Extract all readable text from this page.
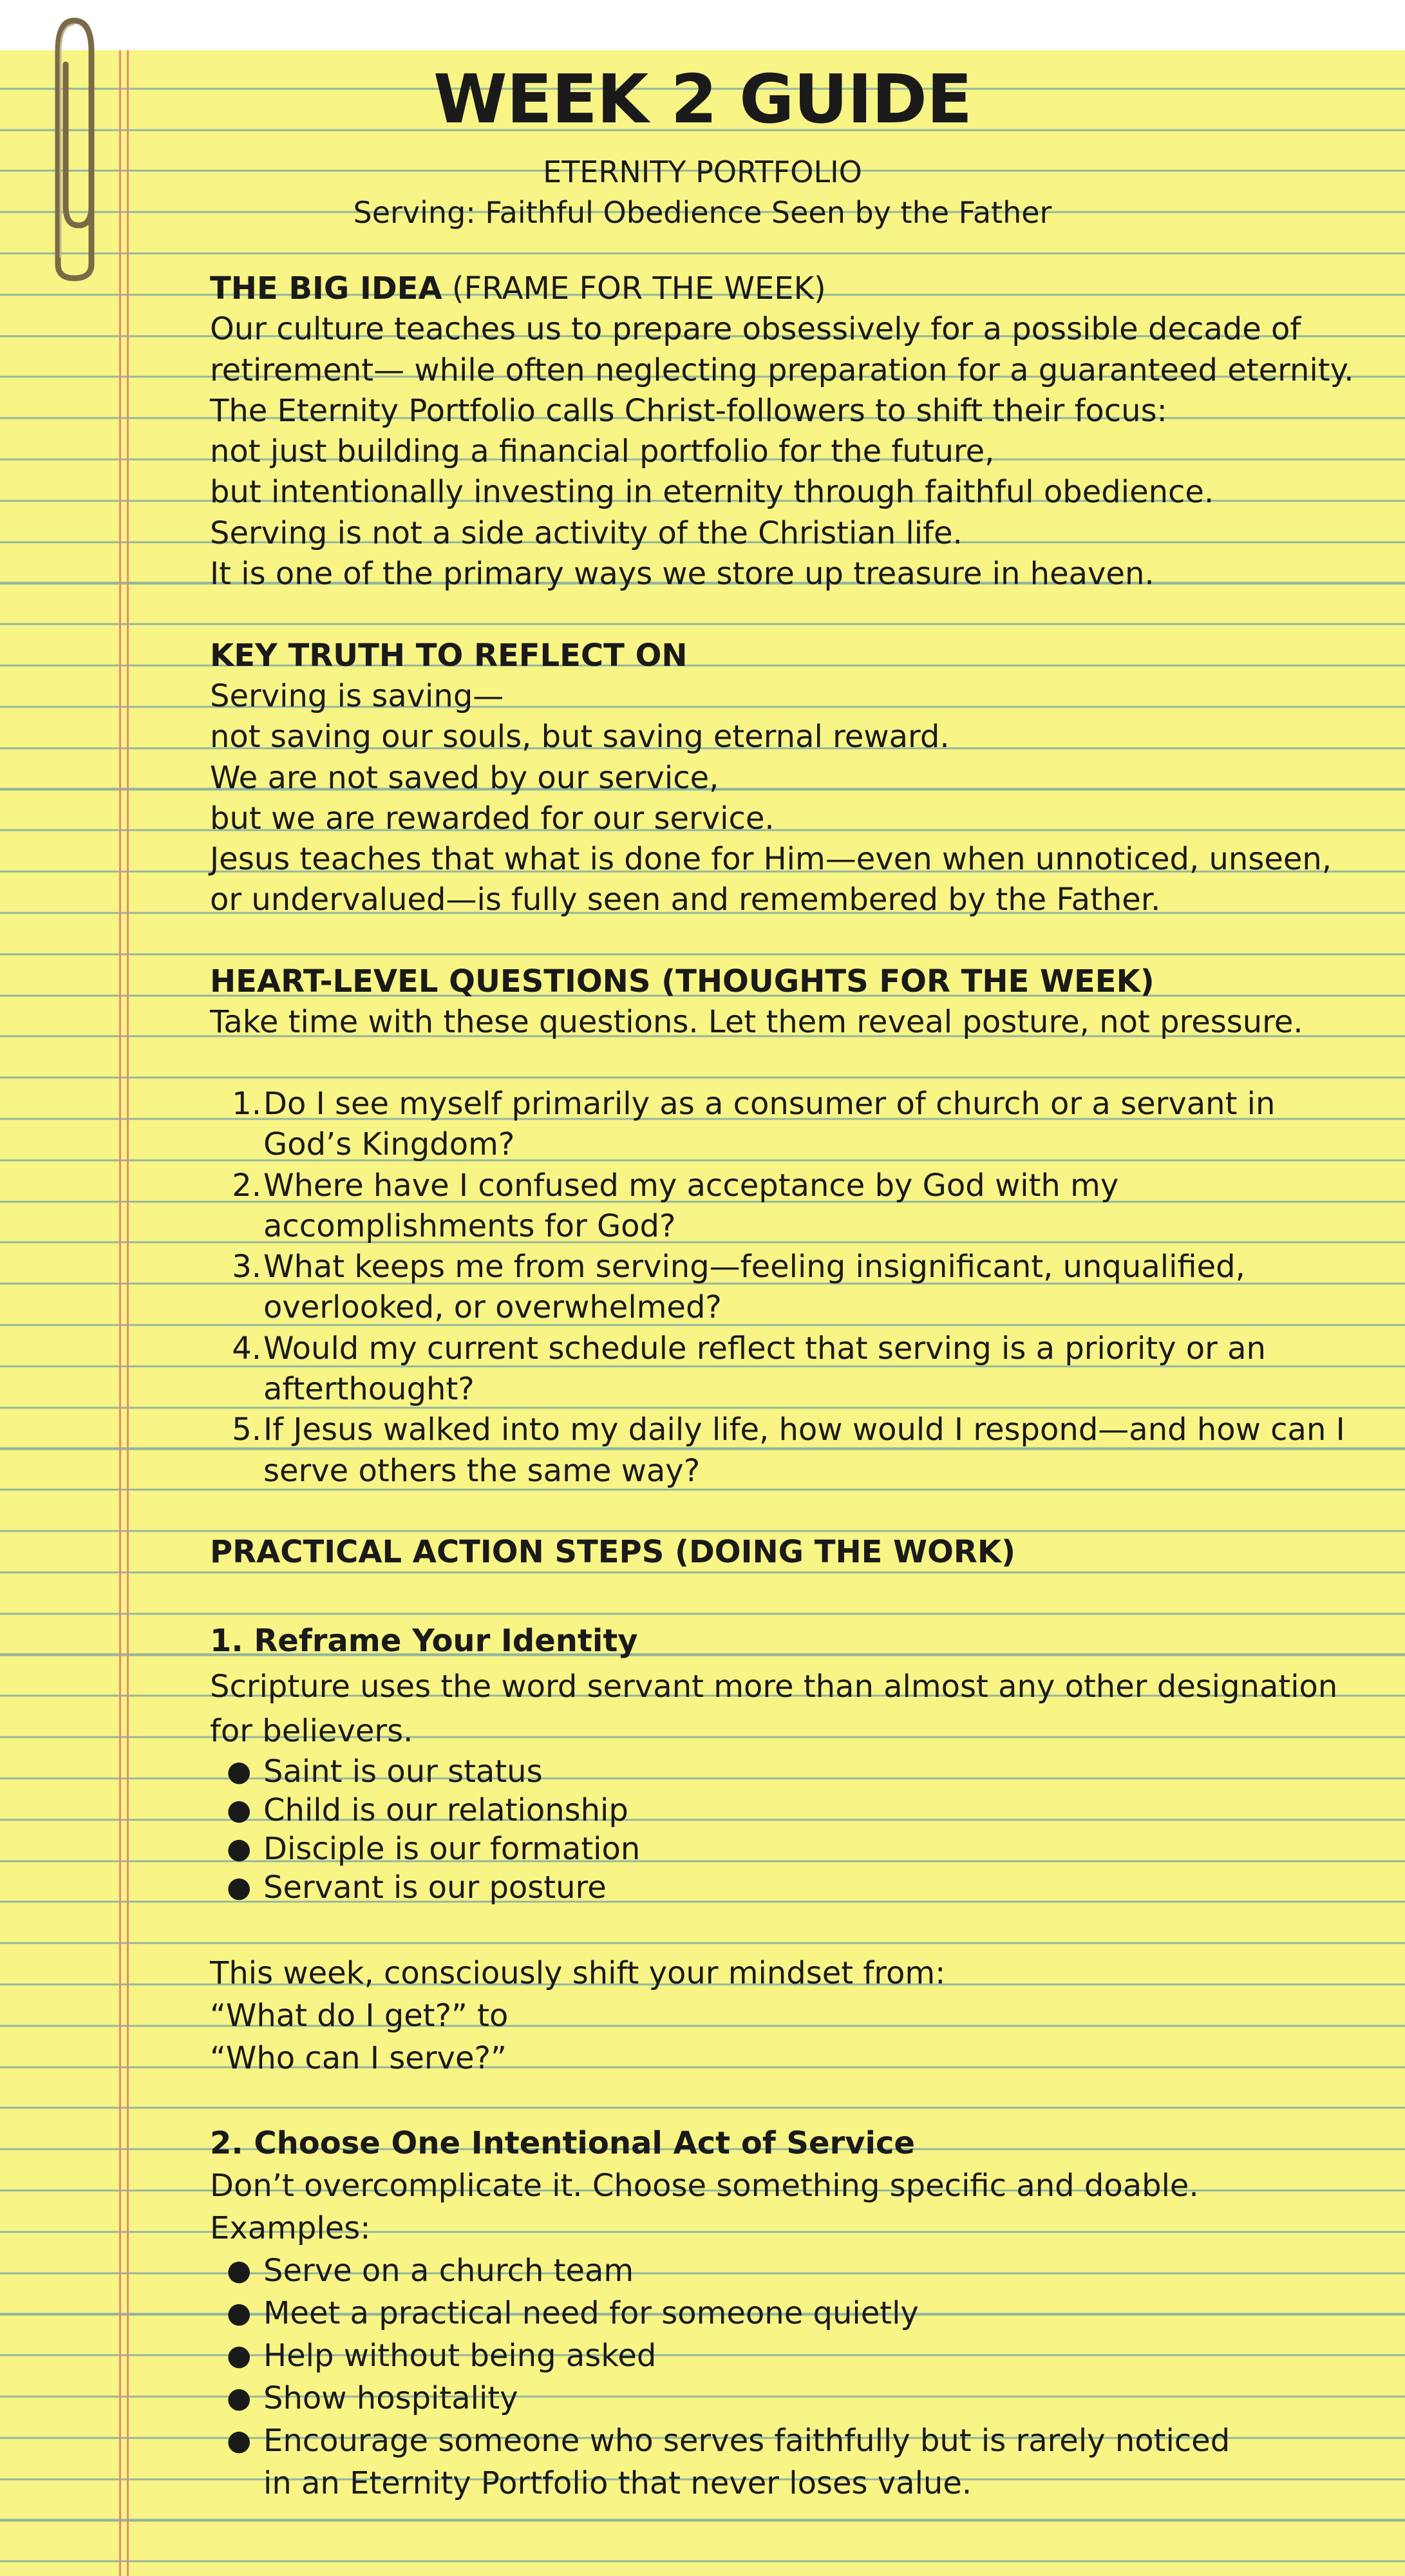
WEEK 2 GUIDE
ETERNITY PORTFOLIO
Serving: Faithful Obedience Seen by the Father
THE BIG IDEA (FRAME FOR THE WEEK)
Our culture teaches us to prepare obsessively for a possible decade of
retirement— while often neglecting preparation for a guaranteed eternity.
The Eternity Portfolio calls Christ-followers to shift their focus:
not just building a financial portfolio for the future,
but intentionally investing in eternity through faithful obedience.
Serving is not a side activity of the Christian life.
It is one of the primary ways we store up treasure in heaven.
KEY TRUTH TO REFLECT ON
Serving is saving—
not saving our souls, but saving eternal reward.
We are not saved by our service,
but we are rewarded for our service.
Jesus teaches that what is done for Him—even when unnoticed, unseen,
or undervalued—is fully seen and remembered by the Father.
HEART-LEVEL QUESTIONS (THOUGHTS FOR THE WEEK)
Take time with these questions. Let them reveal posture, not pressure.
1. Do I see myself primarily as a consumer of church or a servant in
God’s Kingdom?
2. Where have I confused my acceptance by God with my
accomplishments for God?
3. What keeps me from serving—feeling insignificant, unqualified,
overlooked, or overwhelmed?
4. Would my current schedule reflect that serving is a priority or an
afterthought?
5. If Jesus walked into my daily life, how would I respond—and how can I
serve others the same way?
PRACTICAL ACTION STEPS (DOING THE WORK)
1. Reframe Your Identity
Scripture uses the word servant more than almost any other designation
for believers.
● Saint is our status
● Child is our relationship
● Disciple is our formation
● Servant is our posture
This week, consciously shift your mindset from:
“What do I get?” to
“Who can I serve?”
2. Choose One Intentional Act of Service
Don’t overcomplicate it. Choose something specific and doable.
Examples:
● Serve on a church team
● Meet a practical need for someone quietly
● Help without being asked
● Show hospitality
● Encourage someone who serves faithfully but is rarely noticed
in an Eternity Portfolio that never loses value.
